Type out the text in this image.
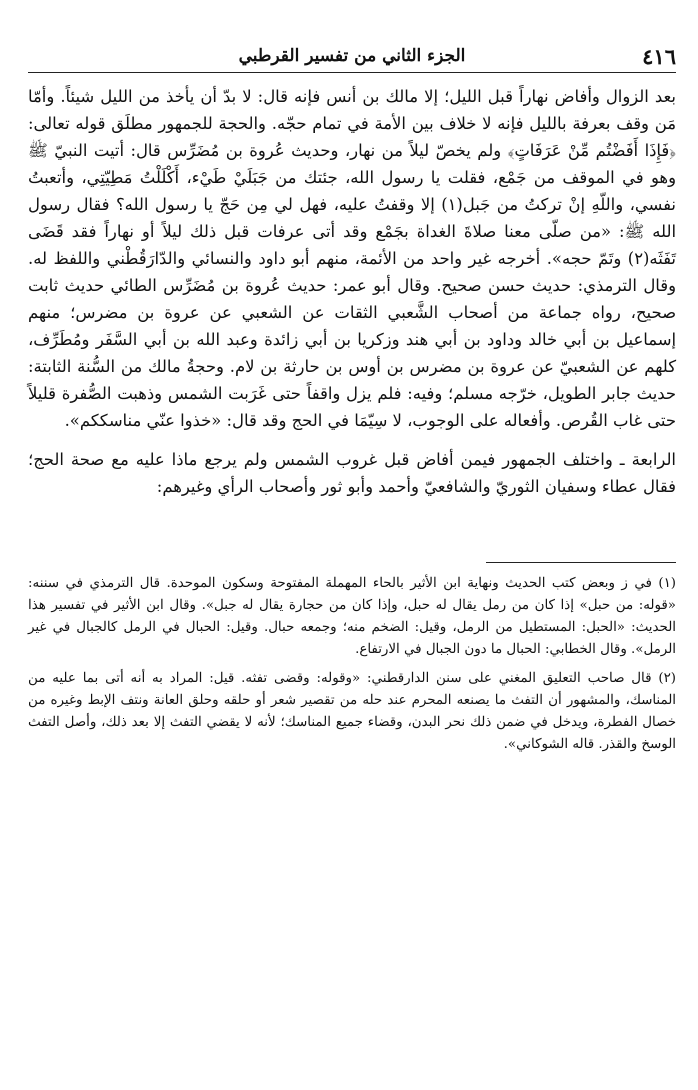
٤١٦
الجزء الثاني من تفسير القرطبي

بعد الزوال وأفاض نهاراً قبل الليل؛ إلا مالك بن أنس فإنه قال: لا بدّ أن يأخذ من الليل شيئاً. وأمّا مَن وقف بعرفة بالليل فإنه لا خلاف بين الأمة في تمام حجّه. والحجة للجمهور مطلَق قوله تعالى: ﴿فَإِذَا أَفَضْتُم مِّنْ عَرَفَاتٍ﴾ ولم يخصّ ليلاً من نهار، وحديث عُروة بن مُضَرِّس قال: أتيت النبيّ ﷺ وهو في الموقف من جَمْع، فقلت يا رسول الله، جئتك من جَبَلَيْ طَيْء، أَكْلَلْتُ مَطِيّتِي، وأتعبتُ نفسي، واللّهِ إنْ تركتُ من جَبل(١) إلا وقفتُ عليه، فهل لي مِن حَجّ يا رسول الله؟ فقال رسول الله ﷺ: «من صلّى معنا صلاةَ الغداة بجَمْع وقد أتى عرفات قبل ذلك ليلاً أو نهاراً فقد قَضَى تَفَثَه(٢) وتَمّ حجه». أخرجه غير واحد من الأئمة، منهم أبو داود والنسائي والدّارَقُطْني واللفظ له. وقال الترمذي: حديث حسن صحيح. وقال أبو عمر: حديث عُروة بن مُضَرِّس الطائي حديث ثابت صحيح، رواه جماعة من أصحاب الشَّعبي الثقات عن الشعبي عن عروة بن مضرس؛ منهم إسماعيل بن أبي خالد وداود بن أبي هند وزكريا بن أبي زائدة وعبد الله بن أبي السَّفَر ومُطَرِّف، كلهم عن الشعبيّ عن عروة بن مضرس بن أوس بن حارثة بن لام. وحجةُ مالك من السُّنة الثابتة: حديث جابر الطويل، خرّجه مسلم؛ وفيه: فلم يزل واقفاً حتى غَرَبت الشمس وذهبت الصُّفرة قليلاً حتى غاب القُرص. وأفعاله على الوجوب، لا سِيّمَا في الحج وقد قال: «خذوا عنّي مناسككم».

الرابعة ـ واختلف الجمهور فيمن أفاض قبل غروب الشمس ولم يرجع ماذا عليه مع صحة الحج؛ فقال عطاء وسفيان الثوريّ والشافعيّ وأحمد وأبو ثور وأصحاب الرأي وغيرهم:

(١) في ز وبعض كتب الحديث ونهاية ابن الأثير بالحاء المهملة المفتوحة وسكون الموحدة. قال الترمذي في سننه: «قوله: من حبل» إذا كان من رمل يقال له حبل، وإذا كان من حجارة يقال له جبل». وقال ابن الأثير في تفسير هذا الحديث: «الحبل: المستطيل من الرمل، وقيل: الضخم منه؛ وجمعه حبال. وقيل: الحبال في الرمل كالجبال في غير الرمل». وقال الخطابي: الحبال ما دون الجبال في الارتفاع.

(٢) قال صاحب التعليق المغني على سنن الدارقطني: «وقوله: وقضى تفثه. قيل: المراد به أنه أتى بما عليه من المناسك، والمشهور أن التفث ما يصنعه المحرم عند حله من تقصير شعر أو حلقه وحلق العانة ونتف الإبط وغيره من خصال الفطرة، ويدخل في ضمن ذلك نحر البدن، وقضاء جميع المناسك؛ لأنه لا يقضي التفث إلا بعد ذلك، وأصل التفث الوسخ والقذر. قاله الشوكاني».
